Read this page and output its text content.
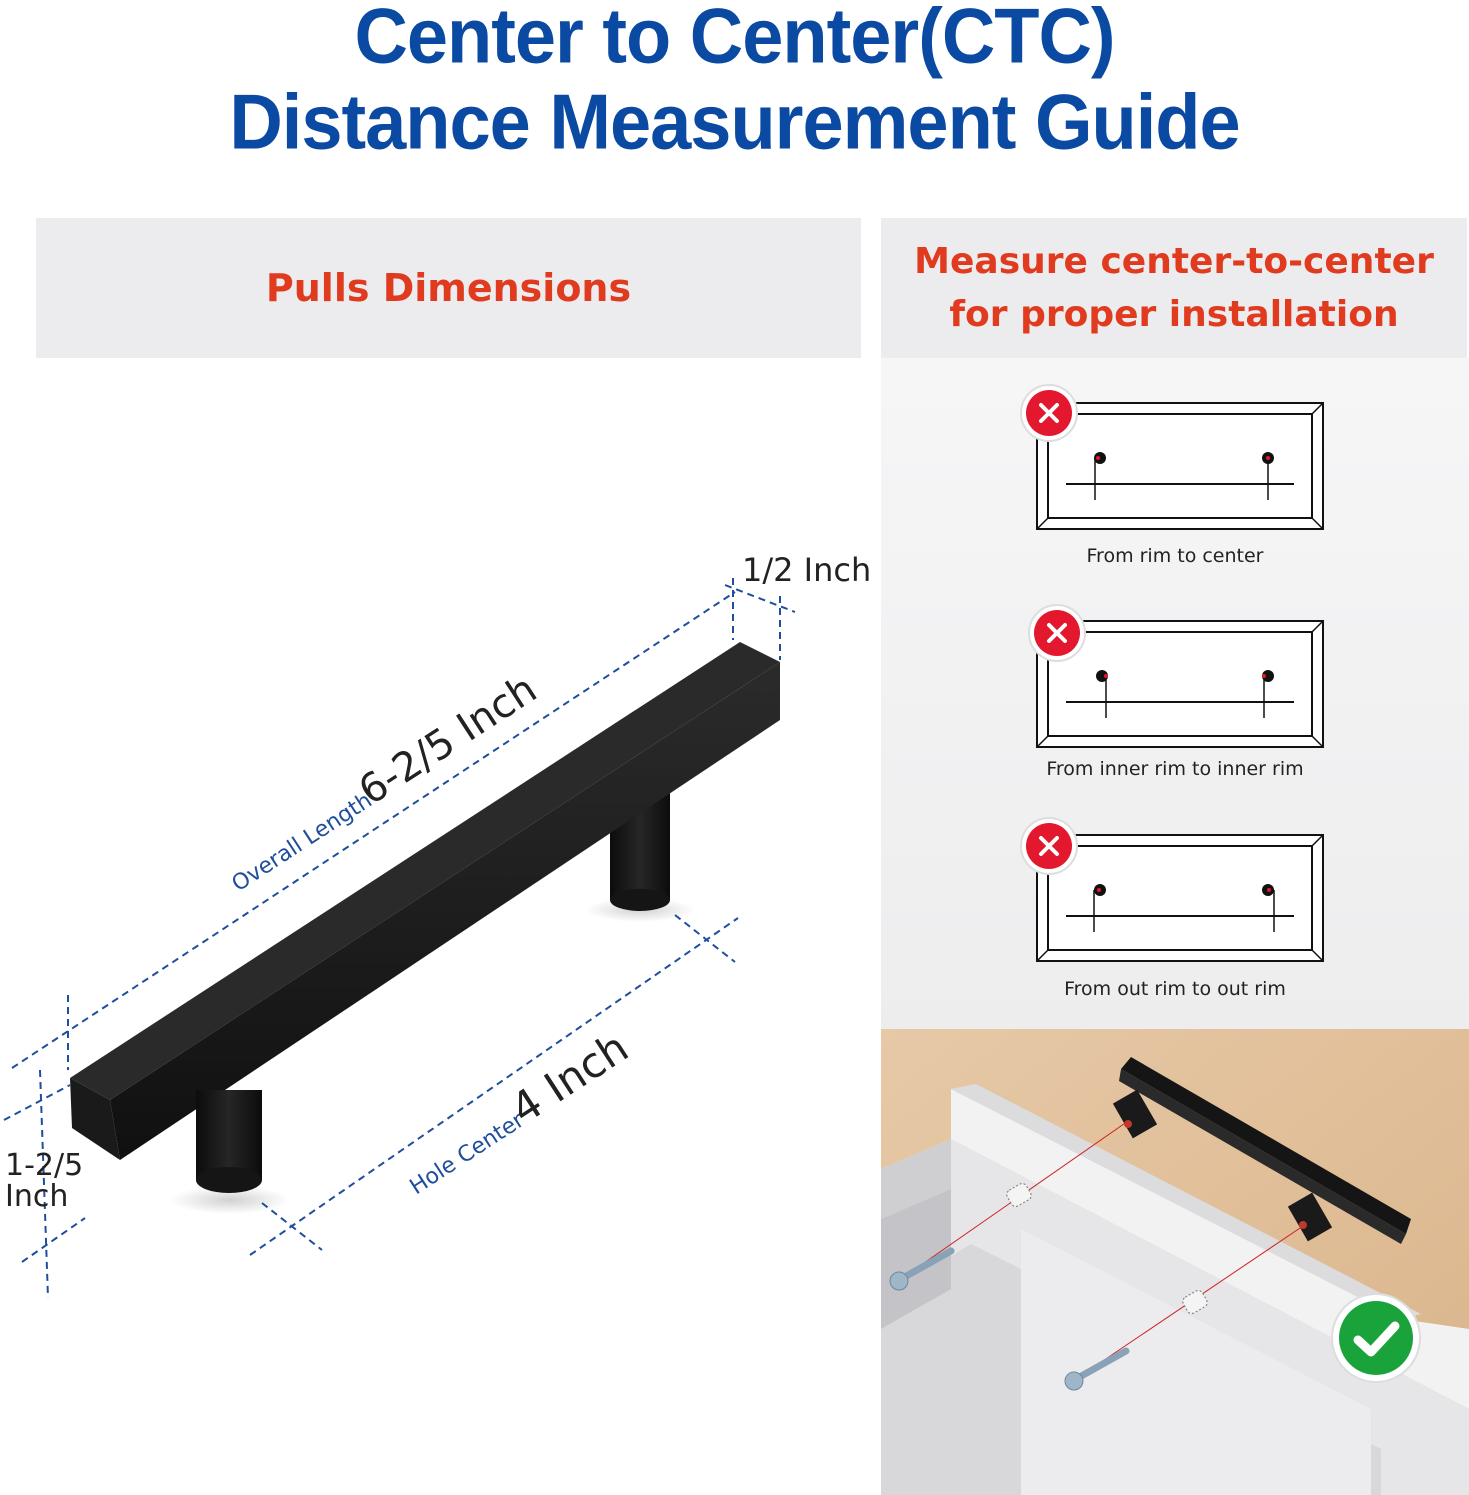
Center to Center(CTC)
Distance Measurement Guide
Pulls Dimensions
Measure center-to-center
for proper installation
1/2 Inch
Overall Length
6-2/5 Inch
Hole Center
4 Inch
1-2/5
Inch
From rim to center
From inner rim to inner rim
From out rim to out rim
